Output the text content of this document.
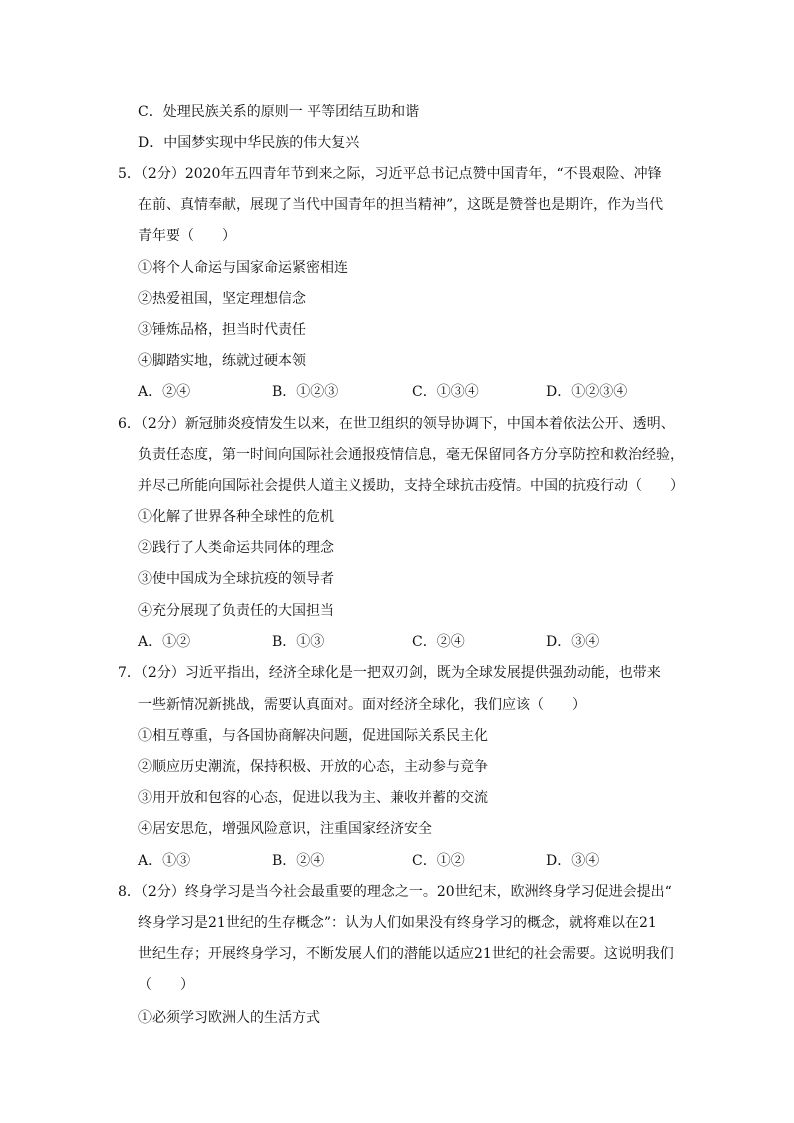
C．处理民族关系的原则一 平等团结互助和谐
D．中国梦实现中华民族的伟大复兴
5．（2分）2020年五四青年节到来之际，习近平总书记点赞中国青年，“不畏艰险、冲锋
在前、真情奉献，展现了当代中国青年的担当精神”，这既是赞誉也是期许，作为当代
青年要（　　）
①将个人命运与国家命运紧密相连
②热爱祖国，坚定理想信念
③锤炼品格，担当时代责任
④脚踏实地，练就过硬本领
A．②④	B．①②③	C．①③④	D．①②③④
6．（2分）新冠肺炎疫情发生以来，在世卫组织的领导协调下，中国本着依法公开、透明、
负责任态度，第一时间向国际社会通报疫情信息，毫无保留同各方分享防控和救治经验，
并尽己所能向国际社会提供人道主义援助，支持全球抗击疫情。中国的抗疫行动（　　）
①化解了世界各种全球性的危机
②践行了人类命运共同体的理念
③使中国成为全球抗疫的领导者
④充分展现了负责任的大国担当
A．①②	B．①③	C．②④	D．③④
7．（2分）习近平指出，经济全球化是一把双刃剑，既为全球发展提供强劲动能，也带来
一些新情况新挑战，需要认真面对。面对经济全球化，我们应该（　　）
①相互尊重，与各国协商解决问题，促进国际关系民主化
②顺应历史潮流，保持积极、开放的心态，主动参与竞争
③用开放和包容的心态，促进以我为主、兼收并蓄的交流
④居安思危，增强风险意识，注重国家经济安全
A．①③	B．②④	C．①②	D．③④
8．（2分）终身学习是当今社会最重要的理念之一。20世纪末，欧洲终身学习促进会提出“
终身学习是21世纪的生存概念”：认为人们如果没有终身学习的概念，就将难以在21
世纪生存；开展终身学习，不断发展人们的潜能以适应21世纪的社会需要。这说明我们
（　　）
①必须学习欧洲人的生活方式
